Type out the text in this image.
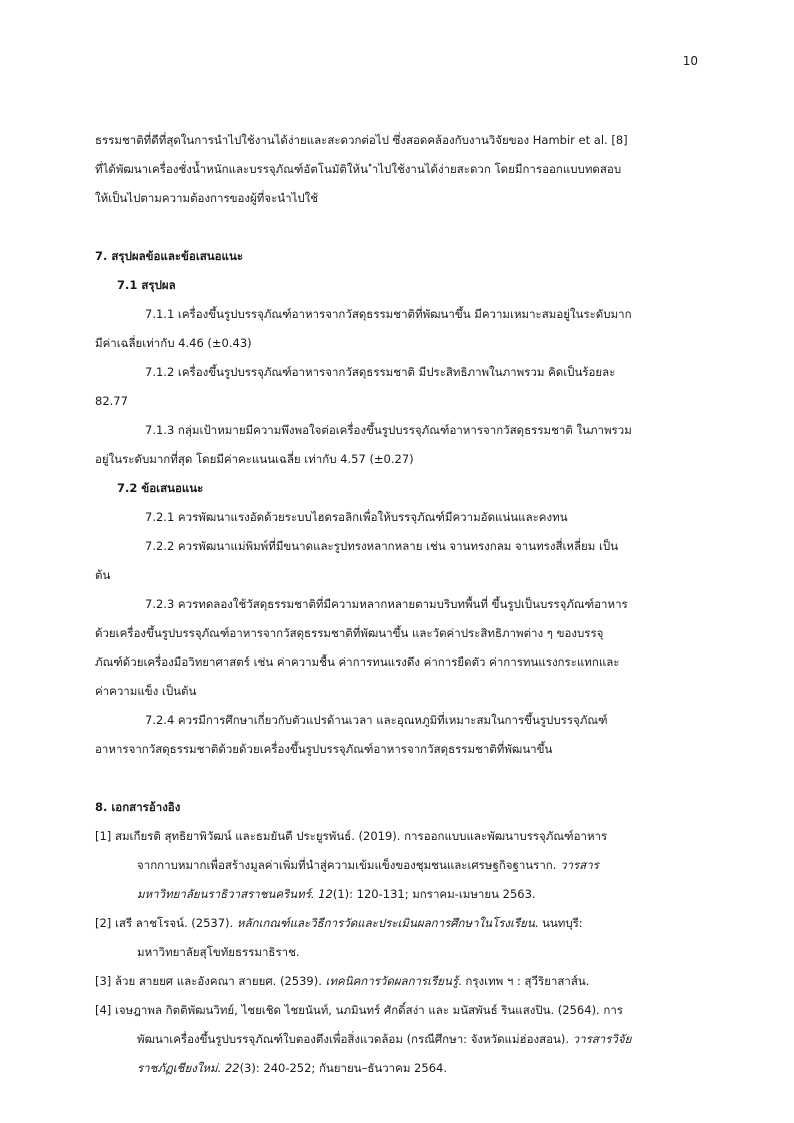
10

ธรรมชาติที่ดีที่สุดในการนำไปใช้งานได้ง่ายและสะดวกต่อไป ซึ่งสอดคล้องกับงานวิจัยของ Hambir et al. [8]

ที่ได้พัฒนาเครื่องชั่งน้ำหนักและบรรจุภัณฑ์อัตโนมัติให้น ำไปใช้งานได้ง่ายสะดวก โดยมีการออกแบบทดสอบ

ให้เป็นไปตามความต้องการของผู้ที่จะนำไปใช้

7. สรุปผลข้อและข้อเสนอแนะ

7.1 สรุปผล

7.1.1 เครื่องขึ้นรูปบรรจุภัณฑ์อาหารจากวัสดุธรรมชาติที่พัฒนาขึ้น มีความเหมาะสมอยู่ในระดับมาก

มีค่าเฉลี่ยเท่ากับ 4.46 (±0.43)

7.1.2 เครื่องขึ้นรูปบรรจุภัณฑ์อาหารจากวัสดุธรรมชาติ มีประสิทธิภาพในภาพรวม คิดเป็นร้อยละ

82.77

7.1.3 กลุ่มเป้าหมายมีความพึงพอใจต่อเครื่องขึ้นรูปบรรจุภัณฑ์อาหารจากวัสดุธรรมชาติ ในภาพรวม

อยู่ในระดับมากที่สุด โดยมีค่าคะแนนเฉลี่ย เท่ากับ 4.57 (±0.27)

7.2 ข้อเสนอแนะ

7.2.1 ควรพัฒนาแรงอัดด้วยระบบไฮดรอลิกเพื่อให้บรรจุภัณฑ์มีความอัดแน่นและคงทน

7.2.2 ควรพัฒนาแม่พิมพ์ที่มีขนาดและรูปทรงหลากหลาย เช่น จานทรงกลม จานทรงสี่เหลี่ยม เป็น

ต้น

7.2.3 ควรทดลองใช้วัสดุธรรมชาติที่มีความหลากหลายตามบริบทพื้นที่ ขึ้นรูปเป็นบรรจุภัณฑ์อาหาร

ด้วยเครื่องขึ้นรูปบรรจุภัณฑ์อาหารจากวัสดุธรรมชาติที่พัฒนาขึ้น และวัดค่าประสิทธิภาพต่าง ๆ ของบรรจุ

ภัณฑ์ด้วยเครื่องมือวิทยาศาสตร์ เช่น ค่าความชื้น ค่าการทนแรงดึง ค่าการยืดตัว ค่าการทนแรงกระแทกและ

ค่าความแข็ง เป็นต้น

7.2.4 ควรมีการศึกษาเกี่ยวกับตัวแปรด้านเวลา และอุณหภูมิที่เหมาะสมในการขึ้นรูปบรรจุภัณฑ์

อาหารจากวัสดุธรรมชาติด้วยด้วยเครื่องขึ้นรูปบรรจุภัณฑ์อาหารจากวัสดุธรรมชาติที่พัฒนาขึ้น

8. เอกสารอ้างอิง

[1] สมเกียรติ สุทธิยาพิวัฒน์ และธมยันตี ประยูรพันธ์. (2019). การออกแบบและพัฒนาบรรจุภัณฑ์อาหาร

จากกาบหมากเพื่อสร้างมูลค่าเพิ่มที่นำสู่ความเข้มแข็งของชุมชนและเศรษฐกิจฐานราก. วารสาร

มหาวิทยาลัยนราธิวาสราชนครินทร์. 12(1): 120-131; มกราคม-เมษายน 2563.

[2] เสรี ลาชโรจน์. (2537). หลักเกณฑ์และวิธีการวัดและประเมินผลการศึกษาในโรงเรียน. นนทบุรี:

มหาวิทยาลัยสุโขทัยธรรมาธิราช.

[3] ล้วย สายยศ และอังคณา สายยศ. (2539). เทคนิคการวัดผลการเรียนรู้. กรุงเทพ ฯ : สุวีริยาสาส์น.

[4] เจษฎาพล กิตติพัฒนวิทย์, ไชยเชิด ไชยนันท์, นภมินทร์ ศักดิ์สง่า และ มนัสพันธ์ รินแสงปิน. (2564). การ

พัฒนาเครื่องขึ้นรูปบรรจุภัณฑ์ใบตองตึงเพื่อสิ่งแวดล้อม (กรณีศึกษา: จังหวัดแม่ฮ่องสอน). วารสารวิจัย

ราชภัฏเชียงใหม่. 22(3): 240-252; กันยายน–ธันวาคม 2564.
